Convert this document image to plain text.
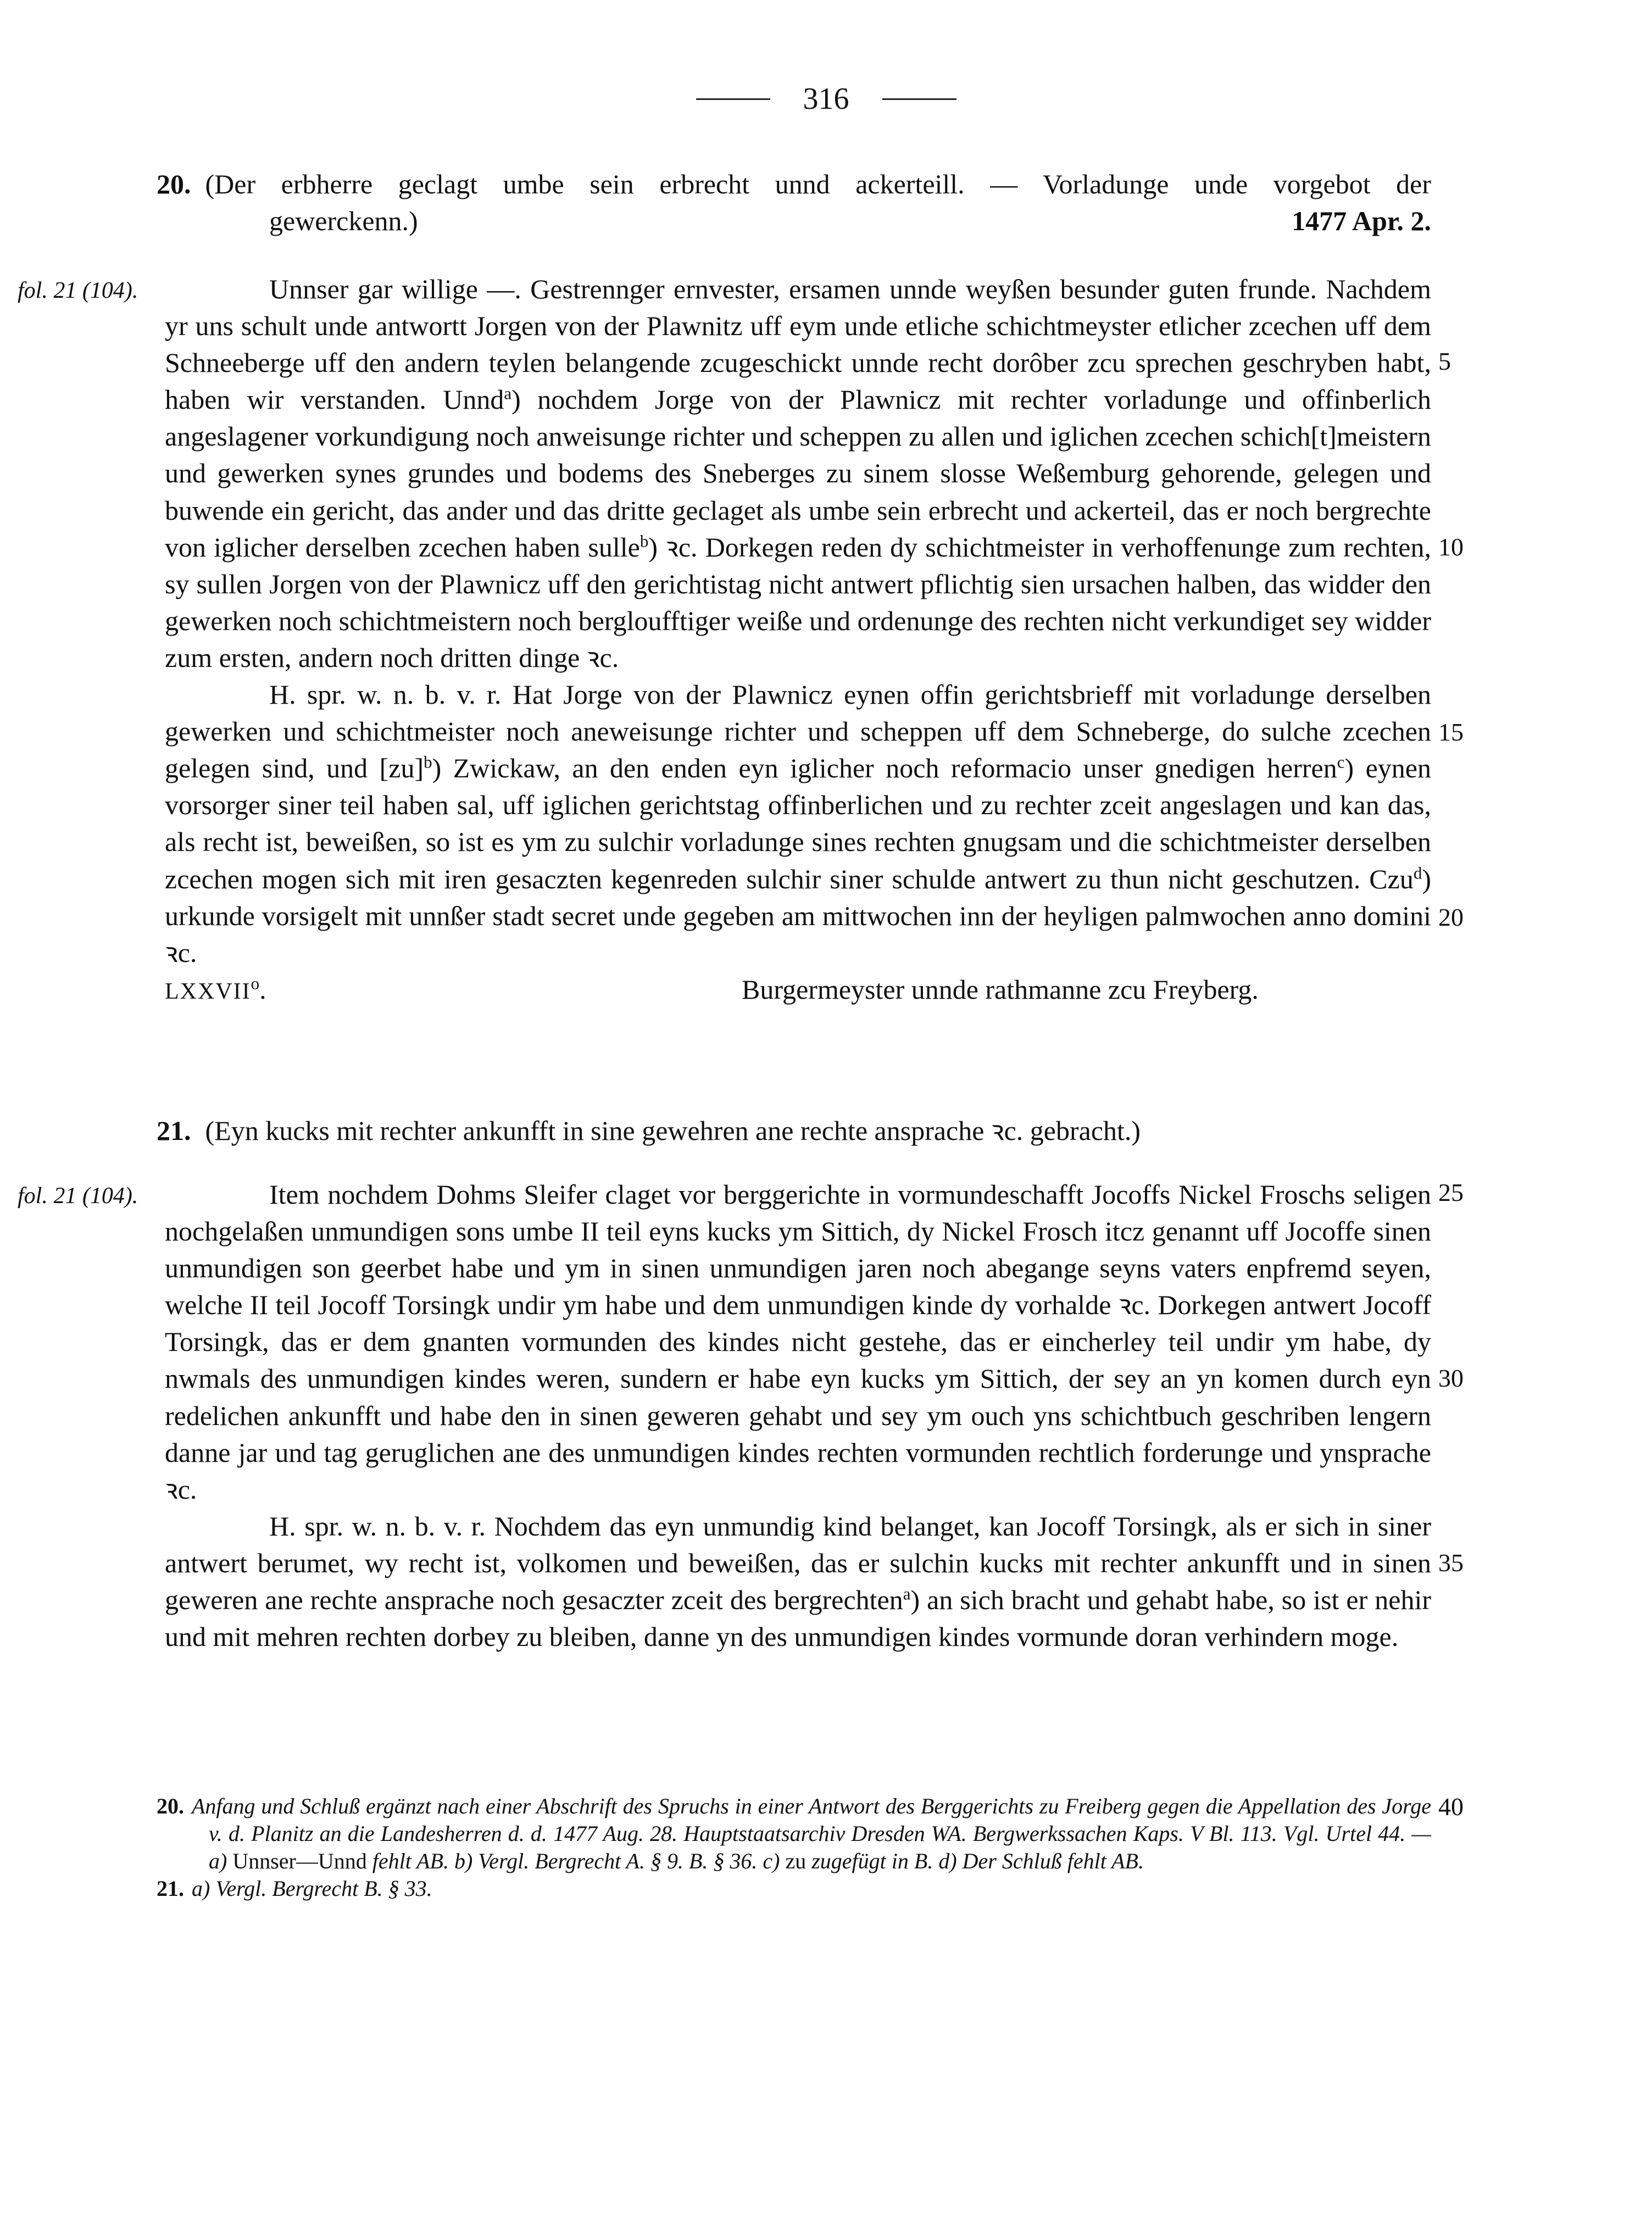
316
20. (Der erbherre geclagt umbe sein erbrecht unnd ackerteill. — Vorladunge unde vorgebot der
gewerckenn.)	1477 Apr. 2.
fol. 21 (104).	Unnser gar willige —. Gestrennger ernvester, ersamen unnde weyßen besunder guten frunde. Nachdem yr uns schult unde antwortt Jorgen von der Plawnitz uff eym unde etliche schichtmeyster etlicher zcechen uff dem Schneeberge uff den andern teylen belangende zcugeschickt unnde recht dorôber zcu sprechen geschryben habt, haben wir verstanden. Unnd$^a$) nochdem Jorge von der Plawnicz mit rechter vorladunge und offinberlich angeslagener vorkundigung noch anweisunge richter und scheppen zu allen und iglichen zcechen schich[t]meistern und gewerken synes grundes und bodems des Sneberges zu sinem slosse Weßemburg gehorende, gelegen und buwende ein gericht, das ander und das dritte geclaget als umbe sein erbrecht und ackerteil, das er noch bergrechte von iglicher derselben zcechen haben sulle$^b$) ꝛc. Dorkegen reden dy schichtmeister in verhoffenunge zum rechten, sy sullen Jorgen von der Plawnicz uff den gerichtistag nicht antwert pflichtig sien ursachen halben, das widder den gewerken noch schichtmeistern noch bergloufftiger weiße und ordenunge des rechten nicht verkundiget sey widder zum ersten, andern noch dritten dinge ꝛc.

H. spr. w. n. b. v. r. Hat Jorge von der Plawnicz eynen offin gerichtsbrieff mit vorladunge derselben gewerken und schichtmeister noch aneweisunge richter und scheppen uff dem Schneberge, do sulche zcechen gelegen sind, und [zu]$^b$) Zwickaw, an den enden eyn iglicher noch reformacio unser gnedigen herren$^c$) eynen vorsorger siner teil haben sal, uff iglichen gerichtstag offinberlichen und zu rechter zceit angeslagen und kan das, als recht ist, beweißen, so ist es ym zu sulchir vorladunge sines rechten gnugsam und die schichtmeister derselben zcechen mogen sich mit iren gesaczten kegenreden sulchir siner schulde antwert zu thun nicht geschutzen. Czu$^d$) urkunde vorsigelt mit unnßer stadt secret unde gegeben am mittwochen inn der heyligen palmwochen anno domini ꝛc.

LXXVII$^o$.	Burgermeyster unnde rathmanne zcu Freyberg.

21. (Eyn kucks mit rechter ankunfft in sine gewehren ane rechte ansprache ꝛc. gebracht.)
fol. 21 (104).	Item nochdem Dohms Sleifer claget vor berggerichte in vormundeschafft Jocoffs Nickel Froschs seligen nochgelaßen unmundigen sons umbe II teil eyns kucks ym Sittich, dy Nickel Frosch itcz genannt uff Jocoffe sinen unmundigen son geerbet habe und ym in sinen unmundigen jaren noch abegange seyns vaters enpfremd seyen, welche II teil Jocoff Torsingk undir ym habe und dem unmundigen kinde dy vorhalde ꝛc. Dorkegen antwert Jocoff Torsingk, das er dem gnanten vormunden des kindes nicht gestehe, das er eincherley teil undir ym habe, dy nwmals des unmundigen kindes weren, sundern er habe eyn kucks ym Sittich, der sey an yn komen durch eyn redelichen ankunfft und habe den in sinen geweren gehabt und sey ym ouch yns schichtbuch geschriben lengern danne jar und tag geruglichen ane des unmundigen kindes rechten vormunden rechtlich forderunge und ynsprache ꝛc.

H. spr. w. n. b. v. r. Nochdem das eyn unmundig kind belanget, kan Jocoff Torsingk, als er sich in siner antwert berumet, wy recht ist, volkomen und beweißen, das er sulchin kucks mit rechter ankunfft und in sinen geweren ane rechte ansprache noch gesaczter zceit des bergrechten$^a$) an sich bracht und gehabt habe, so ist er nehir und mit mehren rechten dorbey zu bleiben, danne yn des unmundigen kindes vormunde doran verhindern moge.

5
10
15
20
25
30
35
40

20. Anfang und Schluß ergänzt nach einer Abschrift des Spruchs in einer Antwort des Berggerichts zu Freiberg gegen die Appellation des Jorge v. d. Planitz an die Landesherren d. d. 1477 Aug. 28. Hauptstaatsarchiv Dresden WA. Bergwerkssachen Kaps. V Bl. 113. Vgl. Urtel 44. — a) Unnser—Unnd fehlt AB. b) Vergl. Bergrecht A. § 9. B. § 36. c) zu zugefügt in B. d) Der Schluß fehlt AB.

21. a) Vergl. Bergrecht B. § 33.
